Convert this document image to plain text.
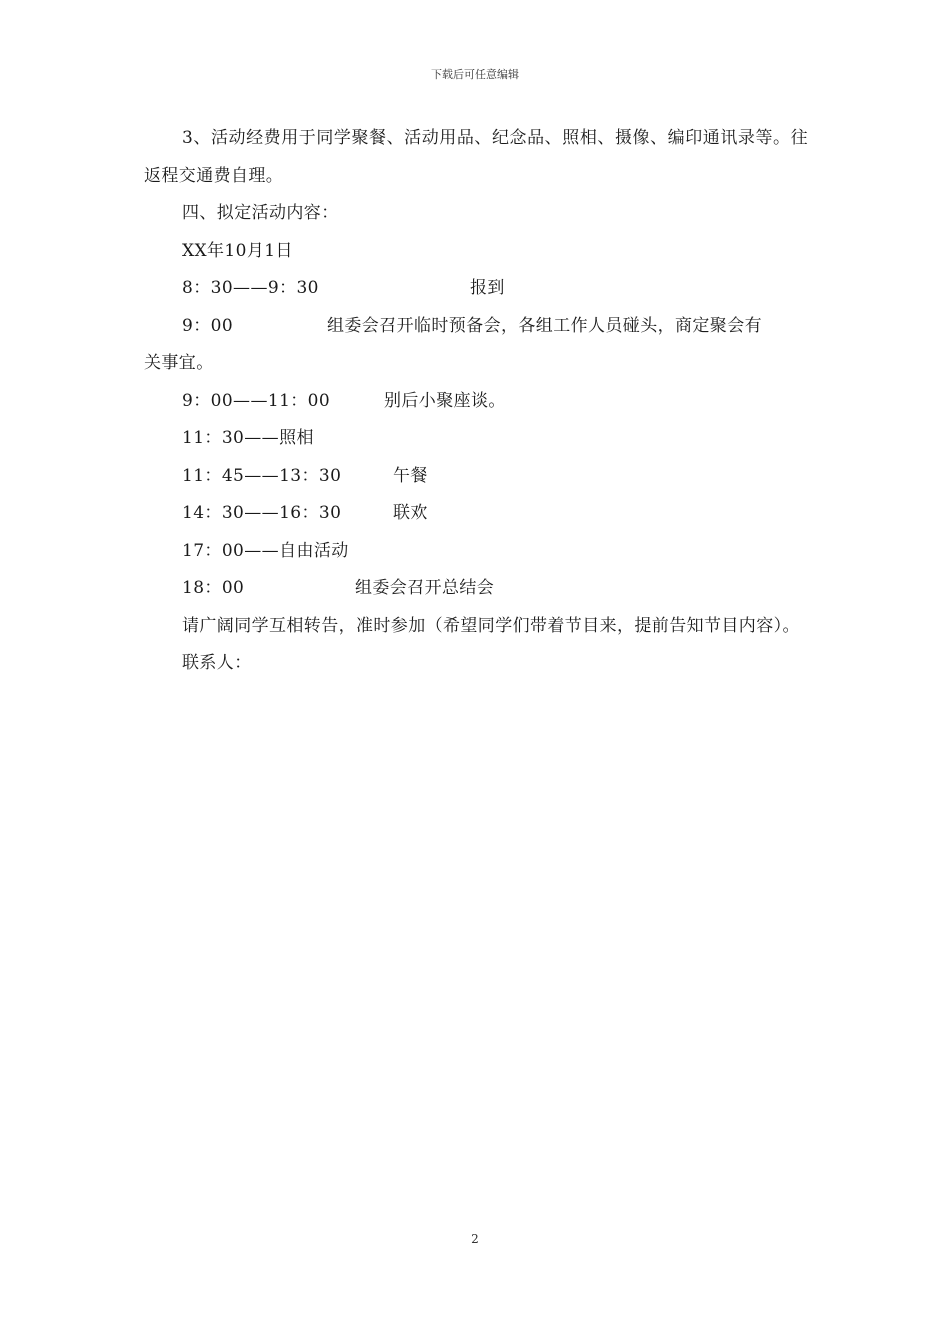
下载后可任意编辑

3、活动经费用于同学聚餐、活动用品、纪念品、照相、摄像、编印通讯录等。往返程交通费自理。

四、拟定活动内容：

XX年10月1日

8：30——9：30	报到
9：00	组委会召开临时预备会，各组工作人员碰头，商定聚会有

关事宜。

9：00——11：00	别后小聚座谈。
11：30——照相
11：45——13：30	午餐
14：30——16：30	联欢
17：00——自由活动
18：00	组委会召开总结会

请广阔同学互相转告，准时参加（希望同学们带着节目来，提前告知节目内容）。

联系人：

2
